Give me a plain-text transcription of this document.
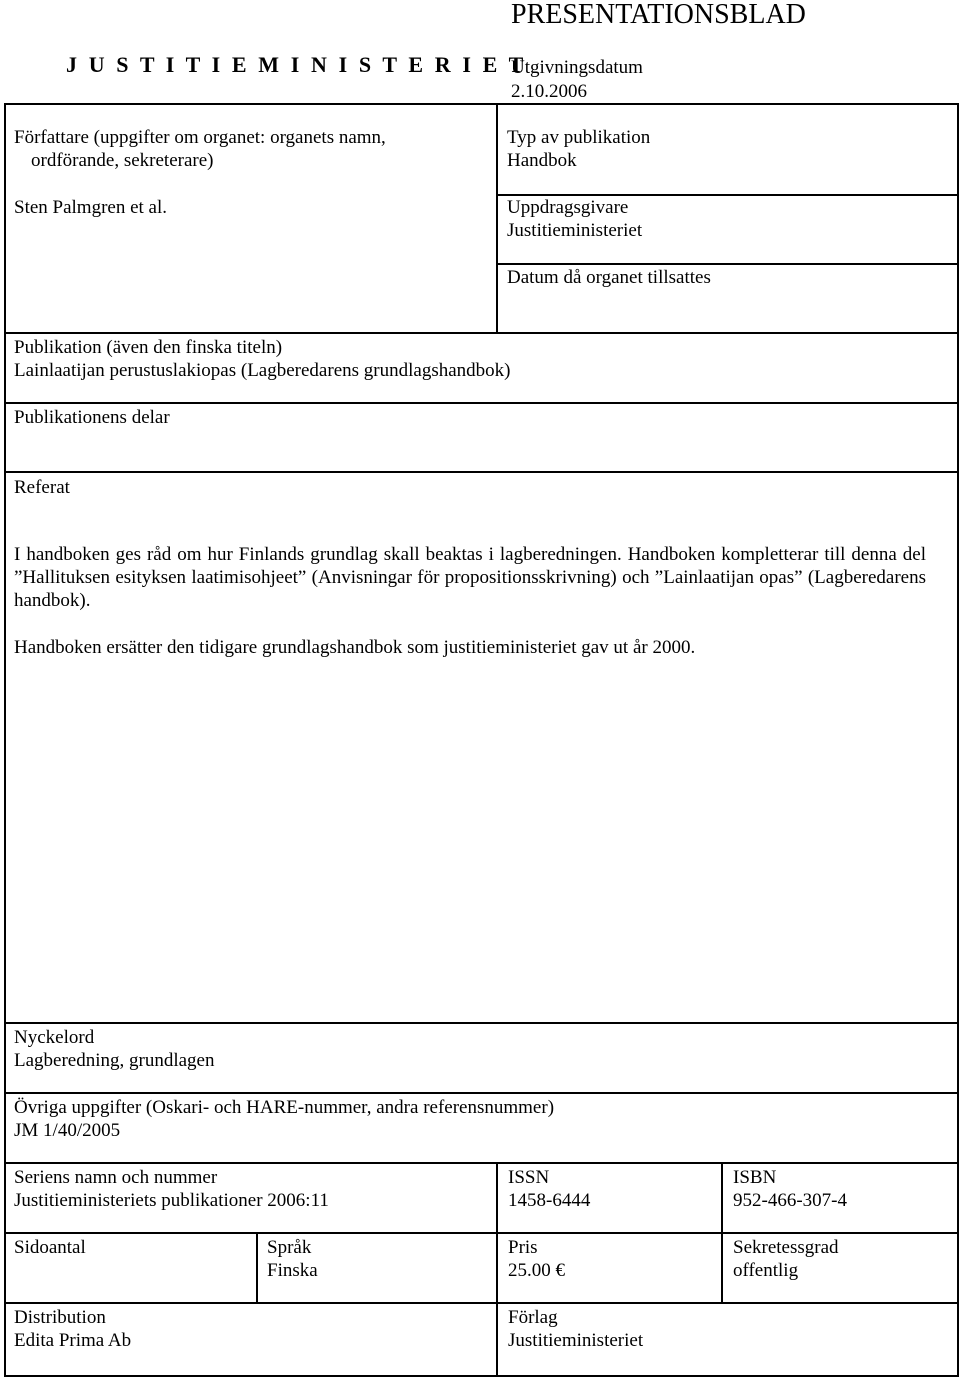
J U S T I T I E M I N I S T E R I E T
PRESENTATIONSBLAD
Utgivningsdatum
2.10.2006
Författare (uppgifter om organet: organets namn,
ordförande, sekreterare)
Sten Palmgren et al.
Typ av publikation
Handbok
Uppdragsgivare
Justitieministeriet
Datum då organet tillsattes
Publikation (även den finska titeln)
Lainlaatijan perustuslakiopas (Lagberedarens grundlagshandbok)
Publikationens delar
Referat
I handboken ges råd om hur Finlands grundlag skall beaktas i lagberedningen. Handboken kompletterar till denna del ”Hallituksen esityksen laatimisohjeet” (Anvisningar för propositionsskrivning) och ”Lainlaatijan opas” (Lagberedarens handbok).
Handboken ersätter den tidigare grundlagshandbok som justitieministeriet gav ut år 2000.
Nyckelord
Lagberedning, grundlagen
Övriga uppgifter (Oskari- och HARE-nummer, andra referensnummer)
JM 1/40/2005
Seriens namn och nummer
Justitieministeriets publikationer 2006:11
ISSN
1458-6444
ISBN
952-466-307-4
Sidoantal	Språk
Finska
Pris
25.00 €
Sekretessgrad
offentlig
Distribution
Edita Prima Ab
Förlag
Justitieministeriet
